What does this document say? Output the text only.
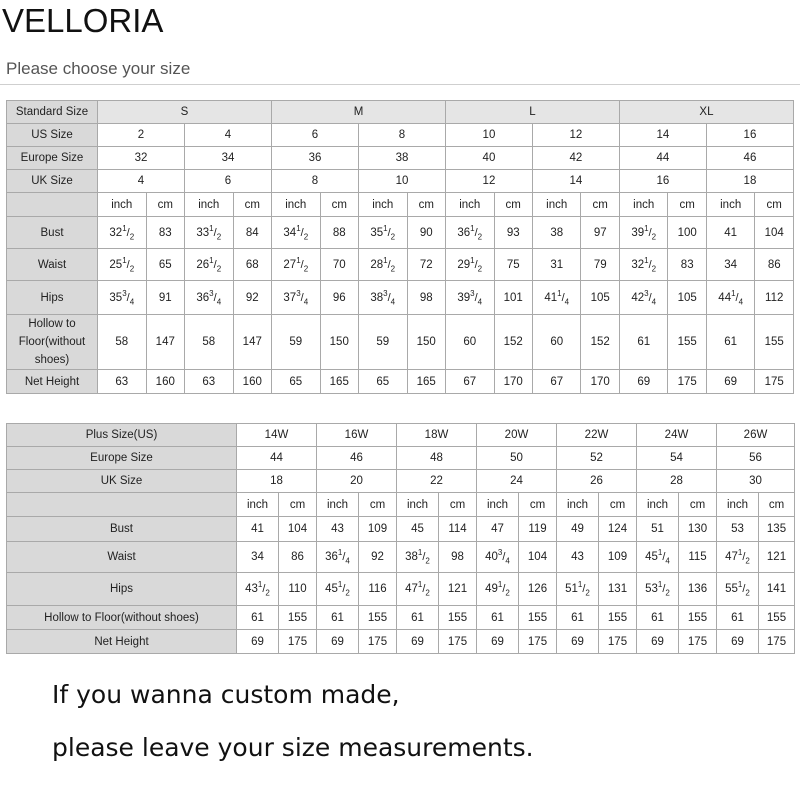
VELLORIA
Please choose your size
Standard Size	S				M				L				XL			
US Size	2		4		6		8		10		12		14		16	
Europe Size	32		34		36		38		40		42		44		46	
UK Size	4		6		8		10		12		14		16		18	
	inch	cm	inch	cm	inch	cm	inch	cm	inch	cm	inch	cm	inch	cm	inch	cm
Bust	$32^1/_2$	83	$33^1/_2$	84	$34^1/_2$	88	$35^1/_2$	90	$36^1/_2$	93	38	97	$39^1/_2$	100	41	104
Waist	$25^1/_2$	65	$26^1/_2$	68	$27^1/_2$	70	$28^1/_2$	72	$29^1/_2$	75	31	79	$32^1/_2$	83	34	86
Hips	$35^3/_4$	91	$36^3/_4$	92	$37^3/_4$	96	$38^3/_4$	98	$39^3/_4$	101	$41^1/_4$	105	$42^3/_4$	105	$44^1/_4$	112
Hollow to Floor(without shoes)	58	147	58	147	59	150	59	150	60	152	60	152	61	155	61	155
Net Height	63	160	63	160	65	165	65	165	67	170	67	170	69	175	69	175
Plus Size(US)	14W		16W		18W		20W		22W		24W		26W	
Europe Size	44		46		48		50		52		54		56	
UK Size	18		20		22		24		26		28		30	
	inch	cm	inch	cm	inch	cm	inch	cm	inch	cm	inch	cm	inch	cm
Bust	41	104	43	109	45	114	47	119	49	124	51	130	53	135
Waist	34	86	$36^1/_4$	92	$38^1/_2$	98	$40^3/_4$	104	43	109	$45^1/_4$	115	$47^1/_2$	121
Hips	$43^1/_2$	110	$45^1/_2$	116	$47^1/_2$	121	$49^1/_2$	126	$51^1/_2$	131	$53^1/_2$	136	$55^1/_2$	141
Hollow to Floor(without shoes)	61	155	61	155	61	155	61	155	61	155	61	155	61	155
Net Height	69	175	69	175	69	175	69	175	69	175	69	175	69	175
If you wanna custom made,
please leave your size measurements.
